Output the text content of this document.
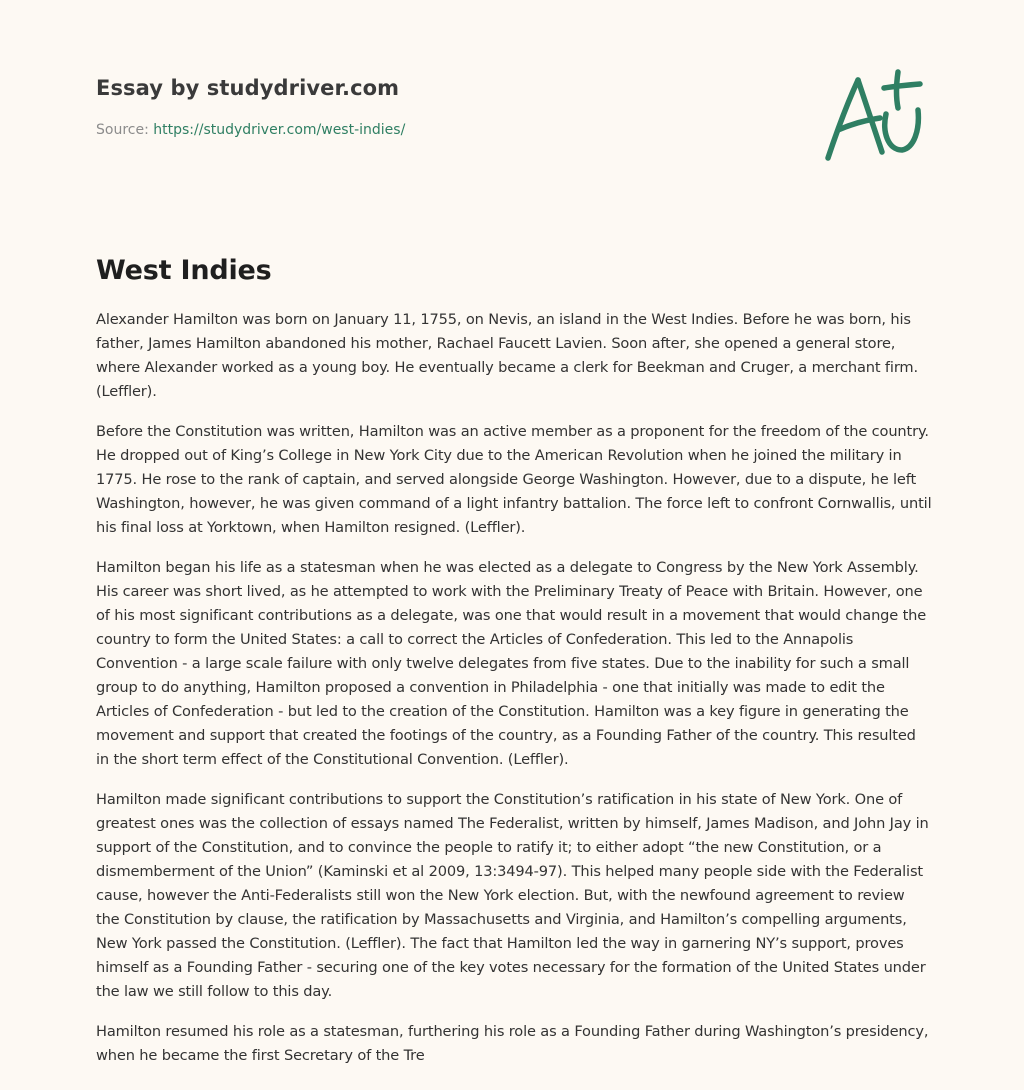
Essay by studydriver.com
Source: https://studydriver.com/west-indies/
West Indies

Alexander Hamilton was born on January 11, 1755, on Nevis, an island in the West Indies. Before he was born, his father, James Hamilton abandoned his mother, Rachael Faucett Lavien. Soon after, she opened a general store, where Alexander worked as a young boy. He eventually became a clerk for Beekman and Cruger, a merchant firm. (Leffler).

Before the Constitution was written, Hamilton was an active member as a proponent for the freedom of the country. He dropped out of King’s College in New York City due to the American Revolution when he joined the military in 1775. He rose to the rank of captain, and served alongside George Washington. However, due to a dispute, he left Washington, however, he was given command of a light infantry battalion. The force left to confront Cornwallis, until his final loss at Yorktown, when Hamilton resigned. (Leffler).

Hamilton began his life as a statesman when he was elected as a delegate to Congress by the New York Assembly. His career was short lived, as he attempted to work with the Preliminary Treaty of Peace with Britain. However, one of his most significant contributions as a delegate, was one that would result in a movement that would change the country to form the United States: a call to correct the Articles of Confederation. This led to the Annapolis Convention - a large scale failure with only twelve delegates from five states. Due to the inability for such a small group to do anything, Hamilton proposed a convention in Philadelphia - one that initially was made to edit the Articles of Confederation - but led to the creation of the Constitution. Hamilton was a key figure in generating the movement and support that created the footings of the country, as a Founding Father of the country. This resulted in the short term effect of the Constitutional Convention. (Leffler).

Hamilton made significant contributions to support the Constitution’s ratification in his state of New York. One of greatest ones was the collection of essays named The Federalist, written by himself, James Madison, and John Jay in support of the Constitution, and to convince the people to ratify it; to either adopt “the new Constitution, or a dismemberment of the Union” (Kaminski et al 2009, 13:3494-97). This helped many people side with the Federalist cause, however the Anti-Federalists still won the New York election. But, with the newfound agreement to review the Constitution by clause, the ratification by Massachusetts and Virginia, and Hamilton’s compelling arguments, New York passed the Constitution. (Leffler). The fact that Hamilton led the way in garnering NY’s support, proves himself as a Founding Father - securing one of the key votes necessary for the formation of the United States under the law we still follow to this day.

Hamilton resumed his role as a statesman, furthering his role as a Founding Father during Washington’s presidency, when he became the first Secretary of the Tre
